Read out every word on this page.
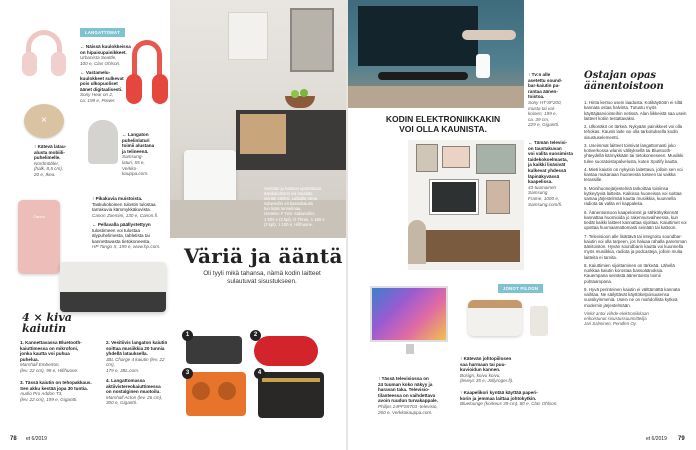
Seinään ja hattoon upotettavat
äänikaiuttimet voi maalata
seinän väriksi. Lattialla oleva
subwoofer eli bassokaiutin
tuo lisää tunnelmaa.
Genelec F Two -subwoofer,
1 504 e (2 kpl), G Three, 1 180 e
(2 kpl), 1 100 e, Hifihuone.
LANGATTOMAT
← Näissä kuulokkeissa
on hipaisupainikkeet.
Urbanista Seattle,
100 e, Clas Ohlson.
← Vastamelu-
kuulokkeet sulkevat
pois ulkopuoliset
äänet digitaalisesti.
Sony Hear on 2,
ca. 199 e, Power.
×
↑ Kätevä latau-
alusta mobiili-
puhelimelle.
Nordmöbler,
(halk. 8,5 cm),
20 e, Ikea.
← Langaton
puhelinlaturi
toimii alustana
ja telineenä.
Samsung-
laturi, 55 e,
Verkko-
kauppa.com.
Canon
↑ Pikakuvia muistoista.
Taskukokoinen tulostin tulostaa
tarrakuvia kämmykkäkuvista.
Canon Zoemini, 130 e, Canon.fi.
← Pellavalla päällystettyyn
tulostimeen voi tulostaa
älypuhelimesta, tabletista tai
kannettavasta tietokoneesta.
HP Tango X, 199 e, www.hp.com.
4 × kiva kaiutin
1. Kannettavassa Bluetooth-
kaiuttimessa on mikrofoni,
jonka kautta voi puhua
puhelua.
Marshall Emberton,
(lev. 22 cm), 99 e, Hifihuone.
3. Tässä kaiutin on tehopakkaus.
Sen akku kestää jopa 30 tuntia.
Audio Pro Addon T3,
(lev. 22 cm), 199 e, Gigantti.
2. Vesitiivis langaton kaiutin
soittaa musiikkia 20 tunnia
yhdellä latauksella.
JBL Charge 4 kaiutin (lev. 22 cm),
179 e, JBL.com.
4. Langattomassa
aktiivistereokaiuttimessa
on nostalginen muotoilu.
Marshall Acton (lev. 26 cm),
300 e, Gigantti.
Väriä ja ääntä
Oli tyyli mikä tahansa, nämä kodin laitteet
sulautuvat sisustukseen.
1	2
3	4
78 et 6/2019
↑ Tv:n alle
asetettu sound-
bar-kaiutin pa-
rantaa äänen-
toistoa.
Sony HT-SF200,
musta tai val-
koinen, 199 e,
ca. 39 cm,
229 e, Gigantti.
KODIN ELEKTRONIIKKAKIN
VOI OLLA KAUNISTA.
← Tämän televisi-
on taustakuvan
voi valita suosimista
taidekokoelmasta,
ja kaikki lisäsivät
kulkevat yhdessä
läpinäkyvässä
kaapelissa.
43-tuumainen
Samsung
Frame, 1000 e,
Samsung.com/fi.
JONOT PILOON
↑ Tässä televisiossa on
24 tuuman koko näkyy ja
haravan taka. Televisio-
tilanteessa on vaihdettava
avoin ruudun turvakappale.
Philips 24PFS5703 -televisio,
260 e, Verkkokauppa.com.
↑ Kätevän johtopiilosen
saa harmaan tai puu-
kuvioidun kannen.
Bosign, koivu koivu,
(leveys 35 e, Jollyroger.fi).
↑ Kaapelikori kyntää käyttää paperi-
korin ja jemmaa laittaa johtokytkin.
Bluelounge (korkeus 39 cm), 80 e, Clas Ohlson.
Ostajan opas äänentoistoon

1. Hinta kertoo usein laadusta. Kotikäyttöön ei siltä kannata ostaa halvinta. Tutustu myös käyttäjäarviointeihin netissä. Alan liikkeistä saa usein laitteet kotiin testattavaksi.

2. Ulkonäkö on tärkeä. Nykyään painikkeet voi olla tehokas. Kaunis laite voi olla tarkoituksella kodin sisustuselementti.

3. Useimmat laitteet toimivat langattomasti joko kotiverkossa wlanin välityksellä tai Bluetooth-yhteydellä kännykkään tai tietokoneeseen. Musiikki tulee suoratoistopalvelusta, kuten Spotify kautta.

4. Mieti kaiutin on nykyisin laitettava, jolloin sen voi kantaa mukanaan huoneesta toiseen tai vaikka terassille.

5. Monihuonejärjestelmä tarkoittaa toisiinsa kytkeytyviä laitteita. Kaikissa huoneissa voi soittaa samaa järjestelmää kautta musiikkia, kuunnella radiota tai valita eri kappaleita.

6. Äänentoistoon kaapeloinnit ja sähkökytkennät kannattaa huomioida jo rakennusvaiheessa, kun tiedät kaikki laitteet kannattaa sijoittaa. Kaiuttimet voi upottaa huomaamattomasti seinään tai kattoon.

7. Televisioon alle lisättävä tai integroitu soundbar-kaiutin voi olla tarpeen, jos haluaa rahalla paremman äänitoiston. Hyvän soundbarin kautta voi kuunnella myös musiikkia, radiota ja podcasteja, jolloin muita laitteita ei tarvita.

8. Kaiuttimien sijoittaminen on tärkeää. Lähellä nurkkaa kaiutin korostaa bassoäänoksia. Kauempana seinästä äänentoisto toimii puhtaampana.

9. Hyvä perinteinen kaiutin ei välttämättä kannata vaihtaa. Ne säilyttävät käyttökelpoisuutensa vuosikymmeniä. Usein ne on mahdollista kytkeä modernin järjestelmään.

Vinkit antoi viihde-elektroniikkaan
erikoistunut sisustussuunnittelija
Jari Salminen, Pendleri Oy.
et 6/2019 79
